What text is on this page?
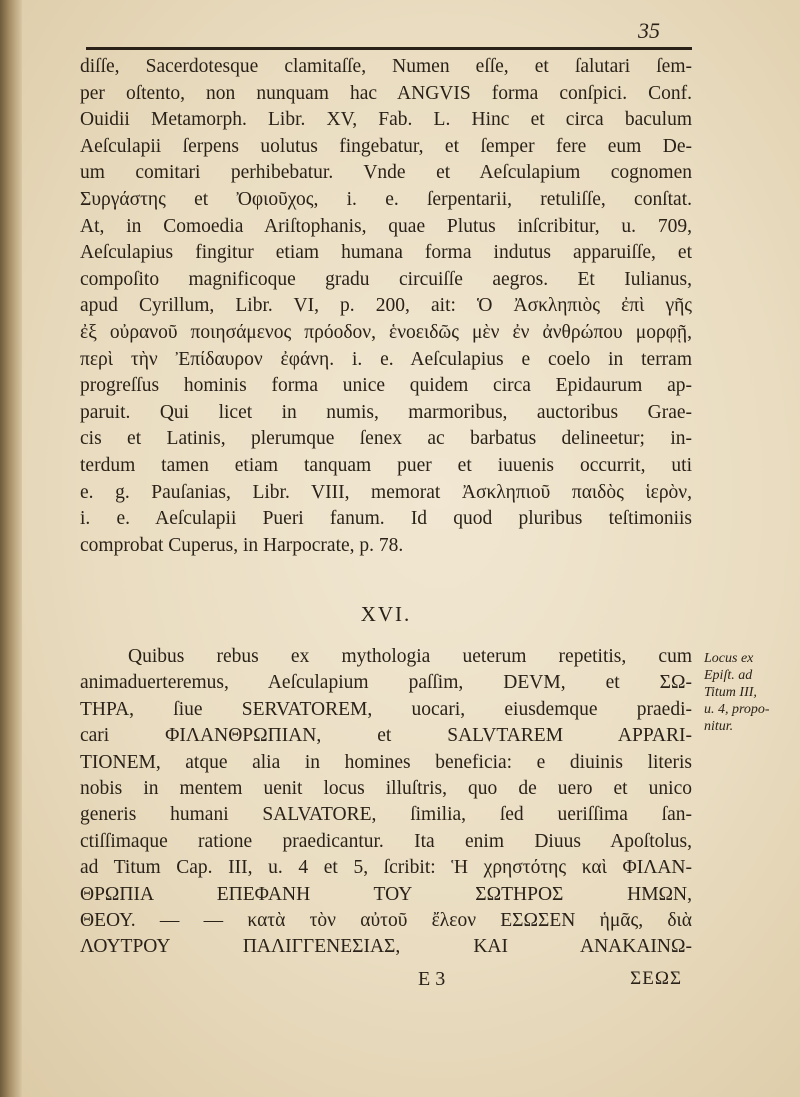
35
diſſe, Sacerdotesque clamitaſſe, Numen eſſe, et ſalutari ſem-
per oſtento, non nunquam hac ANGVIS forma conſpici. Conf.
Ouidii Metamorph. Libr. XV, Fab. L. Hinc et circa baculum
Aeſculapii ſerpens uolutus fingebatur, et ſemper fere eum De-
um comitari perhibebatur. Vnde et Aeſculapium cognomen
Συργάστης et Ὀφιοῦχος, i. e. ſerpentarii, retuliſſe, conſtat.
At, in Comoedia Ariſtophanis, quae Plutus inſcribitur, u. 709,
Aeſculapius fingitur etiam humana forma indutus apparuiſſe, et
compoſito magnificoque gradu circuiſſe aegros. Et Iulianus,
apud Cyrillum, Libr. VI, p. 200, ait: Ὁ Ἀσκληπιὸς ἐπὶ γῆς
ἐξ οὐρανοῦ ποιησάμενος πρόοδον, ἑνοειδῶς μὲν ἐν ἀνθρώπου μορφῇ,
περὶ τὴν Ἐπίδαυρον ἐφάνη. i. e. Aeſculapius e coelo in terram
progreſſus hominis forma unice quidem circa Epidaurum ap-
paruit. Qui licet in numis, marmoribus, auctoribus Grae-
cis et Latinis, plerumque ſenex ac barbatus delineetur; in-
terdum tamen etiam tanquam puer et iuuenis occurrit, uti
e. g. Pauſanias, Libr. VIII, memorat Ἀσκληπιοῦ παιδὸς ἱερὸν,
i. e. Aeſculapii Pueri fanum. Id quod pluribus teſtimoniis
comprobat Cuperus, in Harpocrate, p. 78.
XVI.
Quibus rebus ex mythologia ueterum repetitis, cum
animaduerteremus, Aeſculapium paſſim, DEVM, et ΣΩ-
ΤΗΡΑ, ſiue SERVATOREM, uocari, eiusdemque praedi-
cari ΦΙΛΑΝΘΡΩΠΙΑΝ, et SALVTAREM APPARI-
TIONEM, atque alia in homines beneficia: e diuinis literis
nobis in mentem uenit locus illuſtris, quo de uero et unico
generis humani SALVATORE, ſimilia, ſed ueriſſima ſan-
ctiſſimaque ratione praedicantur. Ita enim Diuus Apoſtolus,
ad Titum Cap. III, u. 4 et 5, ſcribit: Ἡ χρηστότης καὶ ΦΙΛΑΝ-
ΘΡΩΠΙΑ ΕΠΕΦΑΝΗ ΤΟΥ ΣΩΤΗΡΟΣ ΗΜΩΝ,
ΘΕΟΥ. — — κατὰ τὸν αὐτοῦ ἔλεον ΕΣΩΣΕΝ ἡμᾶς, διὰ
ΛΟΥΤΡΟΥ ΠΑΛΙΓΓΕΝΕΣΙΑΣ, ΚΑΙ ΑΝΑΚΑΙΝΩ-
Locus ex
Epiſt. ad
Titum III,
u. 4, propo-
nitur.
E 3	ΣΕΩΣ
